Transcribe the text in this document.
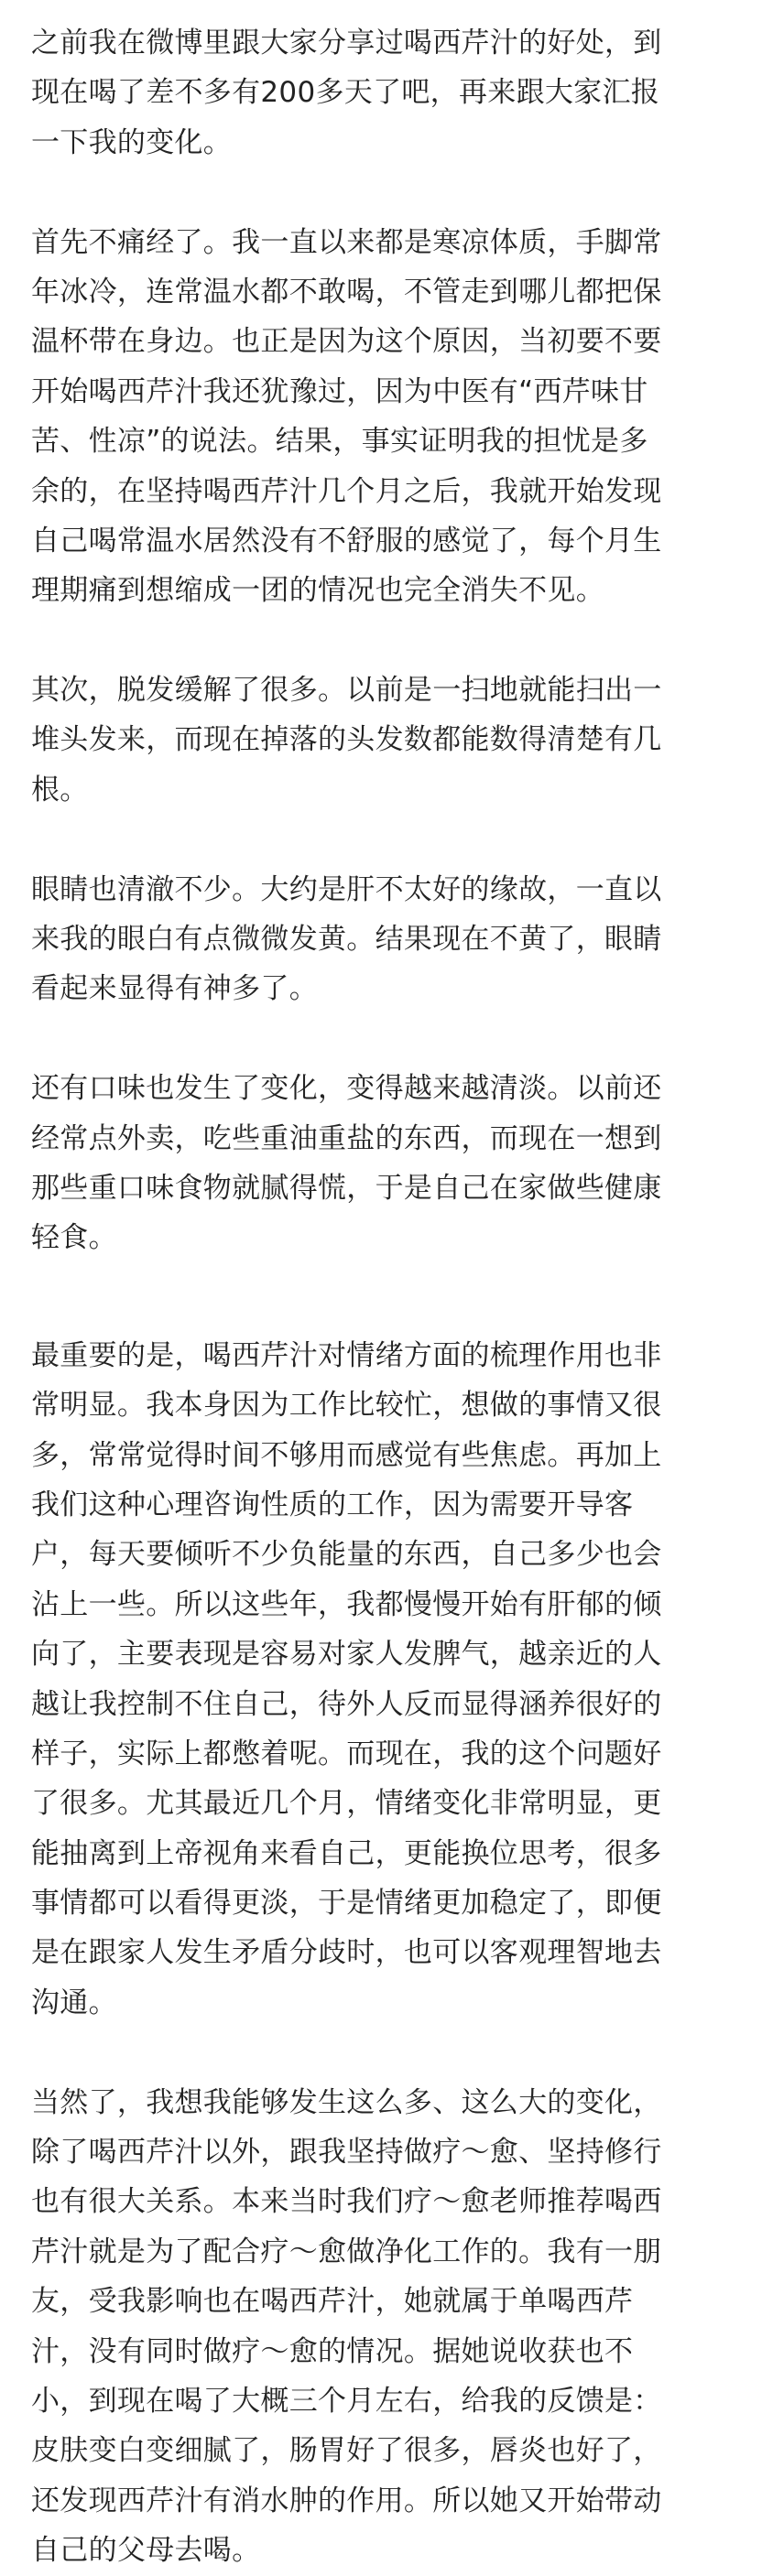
之前我在微博里跟大家分享过喝西芹汁的好处，到
现在喝了差不多有200多天了吧，再来跟大家汇报
一下我的变化。

首先不痛经了。我一直以来都是寒凉体质，手脚常
年冰冷，连常温水都不敢喝，不管走到哪儿都把保
温杯带在身边。也正是因为这个原因，当初要不要
开始喝西芹汁我还犹豫过，因为中医有“西芹味甘
苦、性凉”的说法。结果，事实证明我的担忧是多
余的，在坚持喝西芹汁几个月之后，我就开始发现
自己喝常温水居然没有不舒服的感觉了，每个月生
理期痛到想缩成一团的情况也完全消失不见。

其次，脱发缓解了很多。以前是一扫地就能扫出一
堆头发来，而现在掉落的头发数都能数得清楚有几
根。

眼睛也清澈不少。大约是肝不太好的缘故，一直以
来我的眼白有点微微发黄。结果现在不黄了，眼睛
看起来显得有神多了。

还有口味也发生了变化，变得越来越清淡。以前还
经常点外卖，吃些重油重盐的东西，而现在一想到
那些重口味食物就腻得慌，于是自己在家做些健康
轻食。

最重要的是，喝西芹汁对情绪方面的梳理作用也非
常明显。我本身因为工作比较忙，想做的事情又很
多，常常觉得时间不够用而感觉有些焦虑。再加上
我们这种心理咨询性质的工作，因为需要开导客
户，每天要倾听不少负能量的东西，自己多少也会
沾上一些。所以这些年，我都慢慢开始有肝郁的倾
向了，主要表现是容易对家人发脾气，越亲近的人
越让我控制不住自己，待外人反而显得涵养很好的
样子，实际上都憋着呢。而现在，我的这个问题好
了很多。尤其最近几个月，情绪变化非常明显，更
能抽离到上帝视角来看自己，更能换位思考，很多
事情都可以看得更淡，于是情绪更加稳定了，即便
是在跟家人发生矛盾分歧时，也可以客观理智地去
沟通。

当然了，我想我能够发生这么多、这么大的变化，
除了喝西芹汁以外，跟我坚持做疗～愈、坚持修行
也有很大关系。本来当时我们疗～愈老师推荐喝西
芹汁就是为了配合疗～愈做净化工作的。我有一朋
友，受我影响也在喝西芹汁，她就属于单喝西芹
汁，没有同时做疗～愈的情况。据她说收获也不
小，到现在喝了大概三个月左右，给我的反馈是：
皮肤变白变细腻了，肠胃好了很多，唇炎也好了，
还发现西芹汁有消水肿的作用。所以她又开始带动
自己的父母去喝。
